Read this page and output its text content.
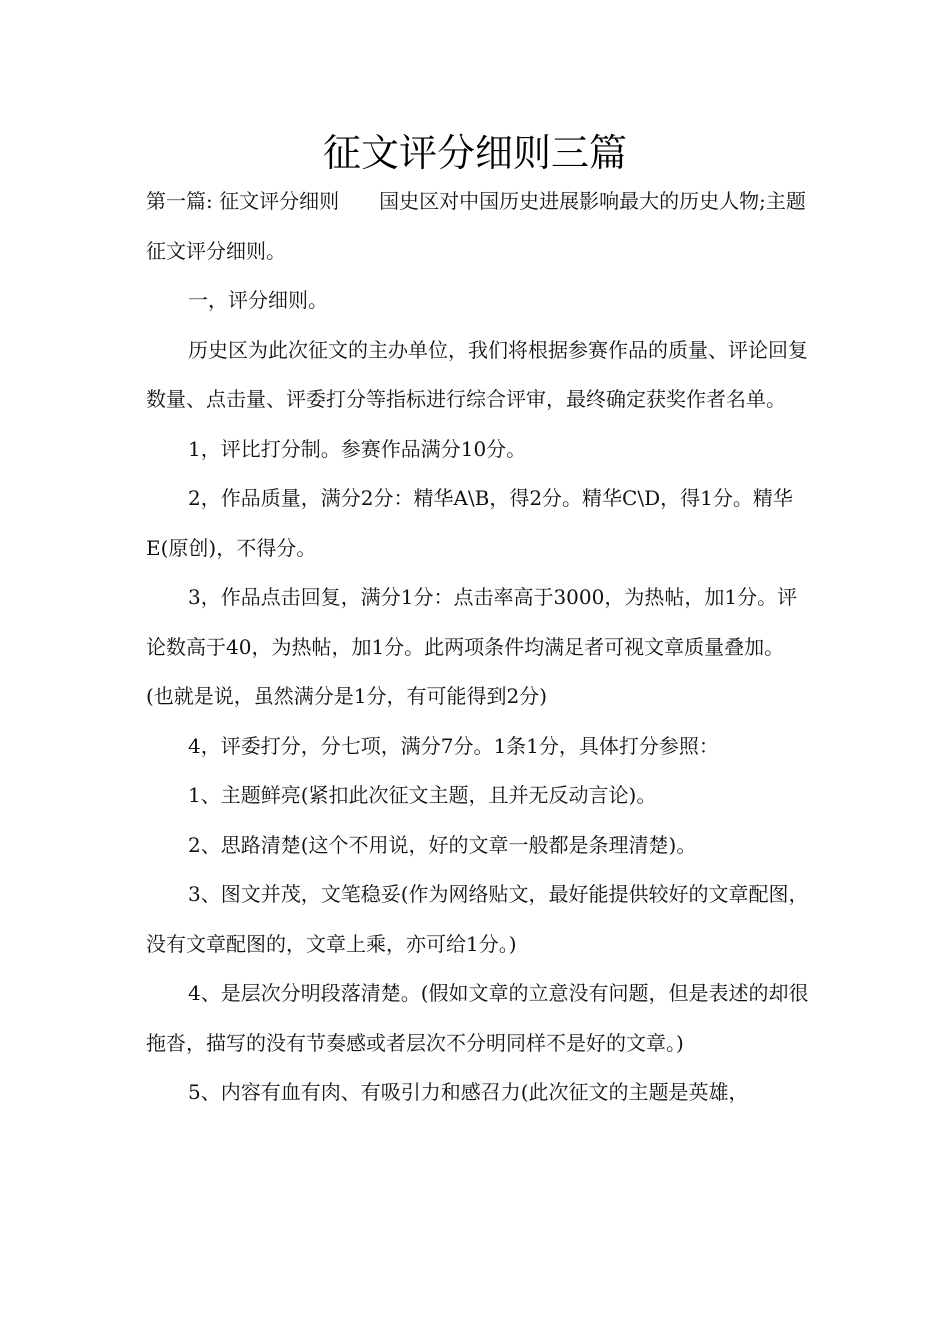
征文评分细则三篇

第一篇: 征文评分细则 国史区对中国历史进展影响最大的历史人物;主题征文评分细则。

一，评分细则。

历史区为此次征文的主办单位，我们将根据参赛作品的质量、评论回复数量、点击量、评委打分等指标进行综合评审，最终确定获奖作者名单。

1，评比打分制。参赛作品满分10分。

2，作品质量，满分2分：精华A\B，得2分。精华C\D，得1分。精华E(原创)，不得分。

3，作品点击回复，满分1分：点击率高于3000，为热帖，加1分。评论数高于40，为热帖，加1分。此两项条件均满足者可视文章质量叠加。(也就是说，虽然满分是1分，有可能得到2分)

4，评委打分，分七项，满分7分。1条1分，具体打分参照：

1、主题鲜亮(紧扣此次征文主题，且并无反动言论)。

2、思路清楚(这个不用说，好的文章一般都是条理清楚)。

3、图文并茂，文笔稳妥(作为网络贴文，最好能提供较好的文章配图，没有文章配图的，文章上乘，亦可给1分。)

4、是层次分明段落清楚。(假如文章的立意没有问题，但是表述的却很拖沓，描写的没有节奏感或者层次不分明同样不是好的文章。)

5、内容有血有肉、有吸引力和感召力(此次征文的主题是英雄，
